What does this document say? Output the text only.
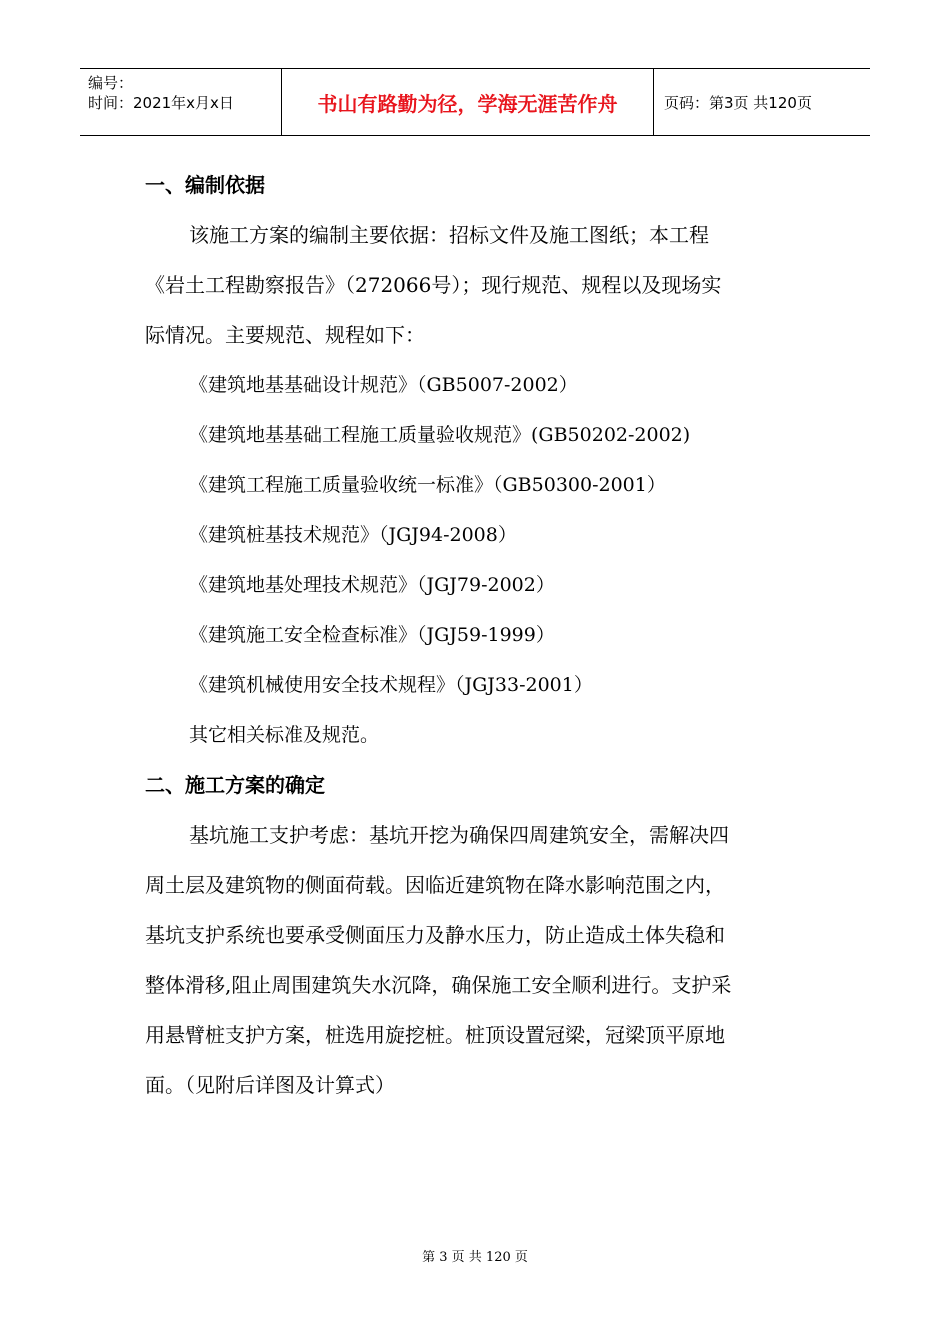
编号：
时间：2021年x月x日	书山有路勤为径，学海无涯苦作舟	页码：第3页 共120页
一、编制依据

该施工方案的编制主要依据：招标文件及施工图纸；本工程

《岩土工程勘察报告》（272066号）；现行规范、规程以及现场实

际情况。主要规范、规程如下：

《建筑地基基础设计规范》（GB5007-2002）
《建筑地基基础工程施工质量验收规范》(GB50202-2002)
《建筑工程施工质量验收统一标准》（GB50300-2001）
《建筑桩基技术规范》（JGJ94-2008）
《建筑地基处理技术规范》（JGJ79-2002）
《建筑施工安全检查标准》（JGJ59-1999）
《建筑机械使用安全技术规程》（JGJ33-2001）
其它相关标准及规范。
二、施工方案的确定

基坑施工支护考虑：基坑开挖为确保四周建筑安全，需解决四

周土层及建筑物的侧面荷载。因临近建筑物在降水影响范围之内，

基坑支护系统也要承受侧面压力及静水压力，防止造成土体失稳和

整体滑移,阻止周围建筑失水沉降，确保施工安全顺利进行。支护采

用悬臂桩支护方案，桩选用旋挖桩。桩顶设置冠梁，冠梁顶平原地

面。（见附后详图及计算式）

第 3 页 共 120 页
